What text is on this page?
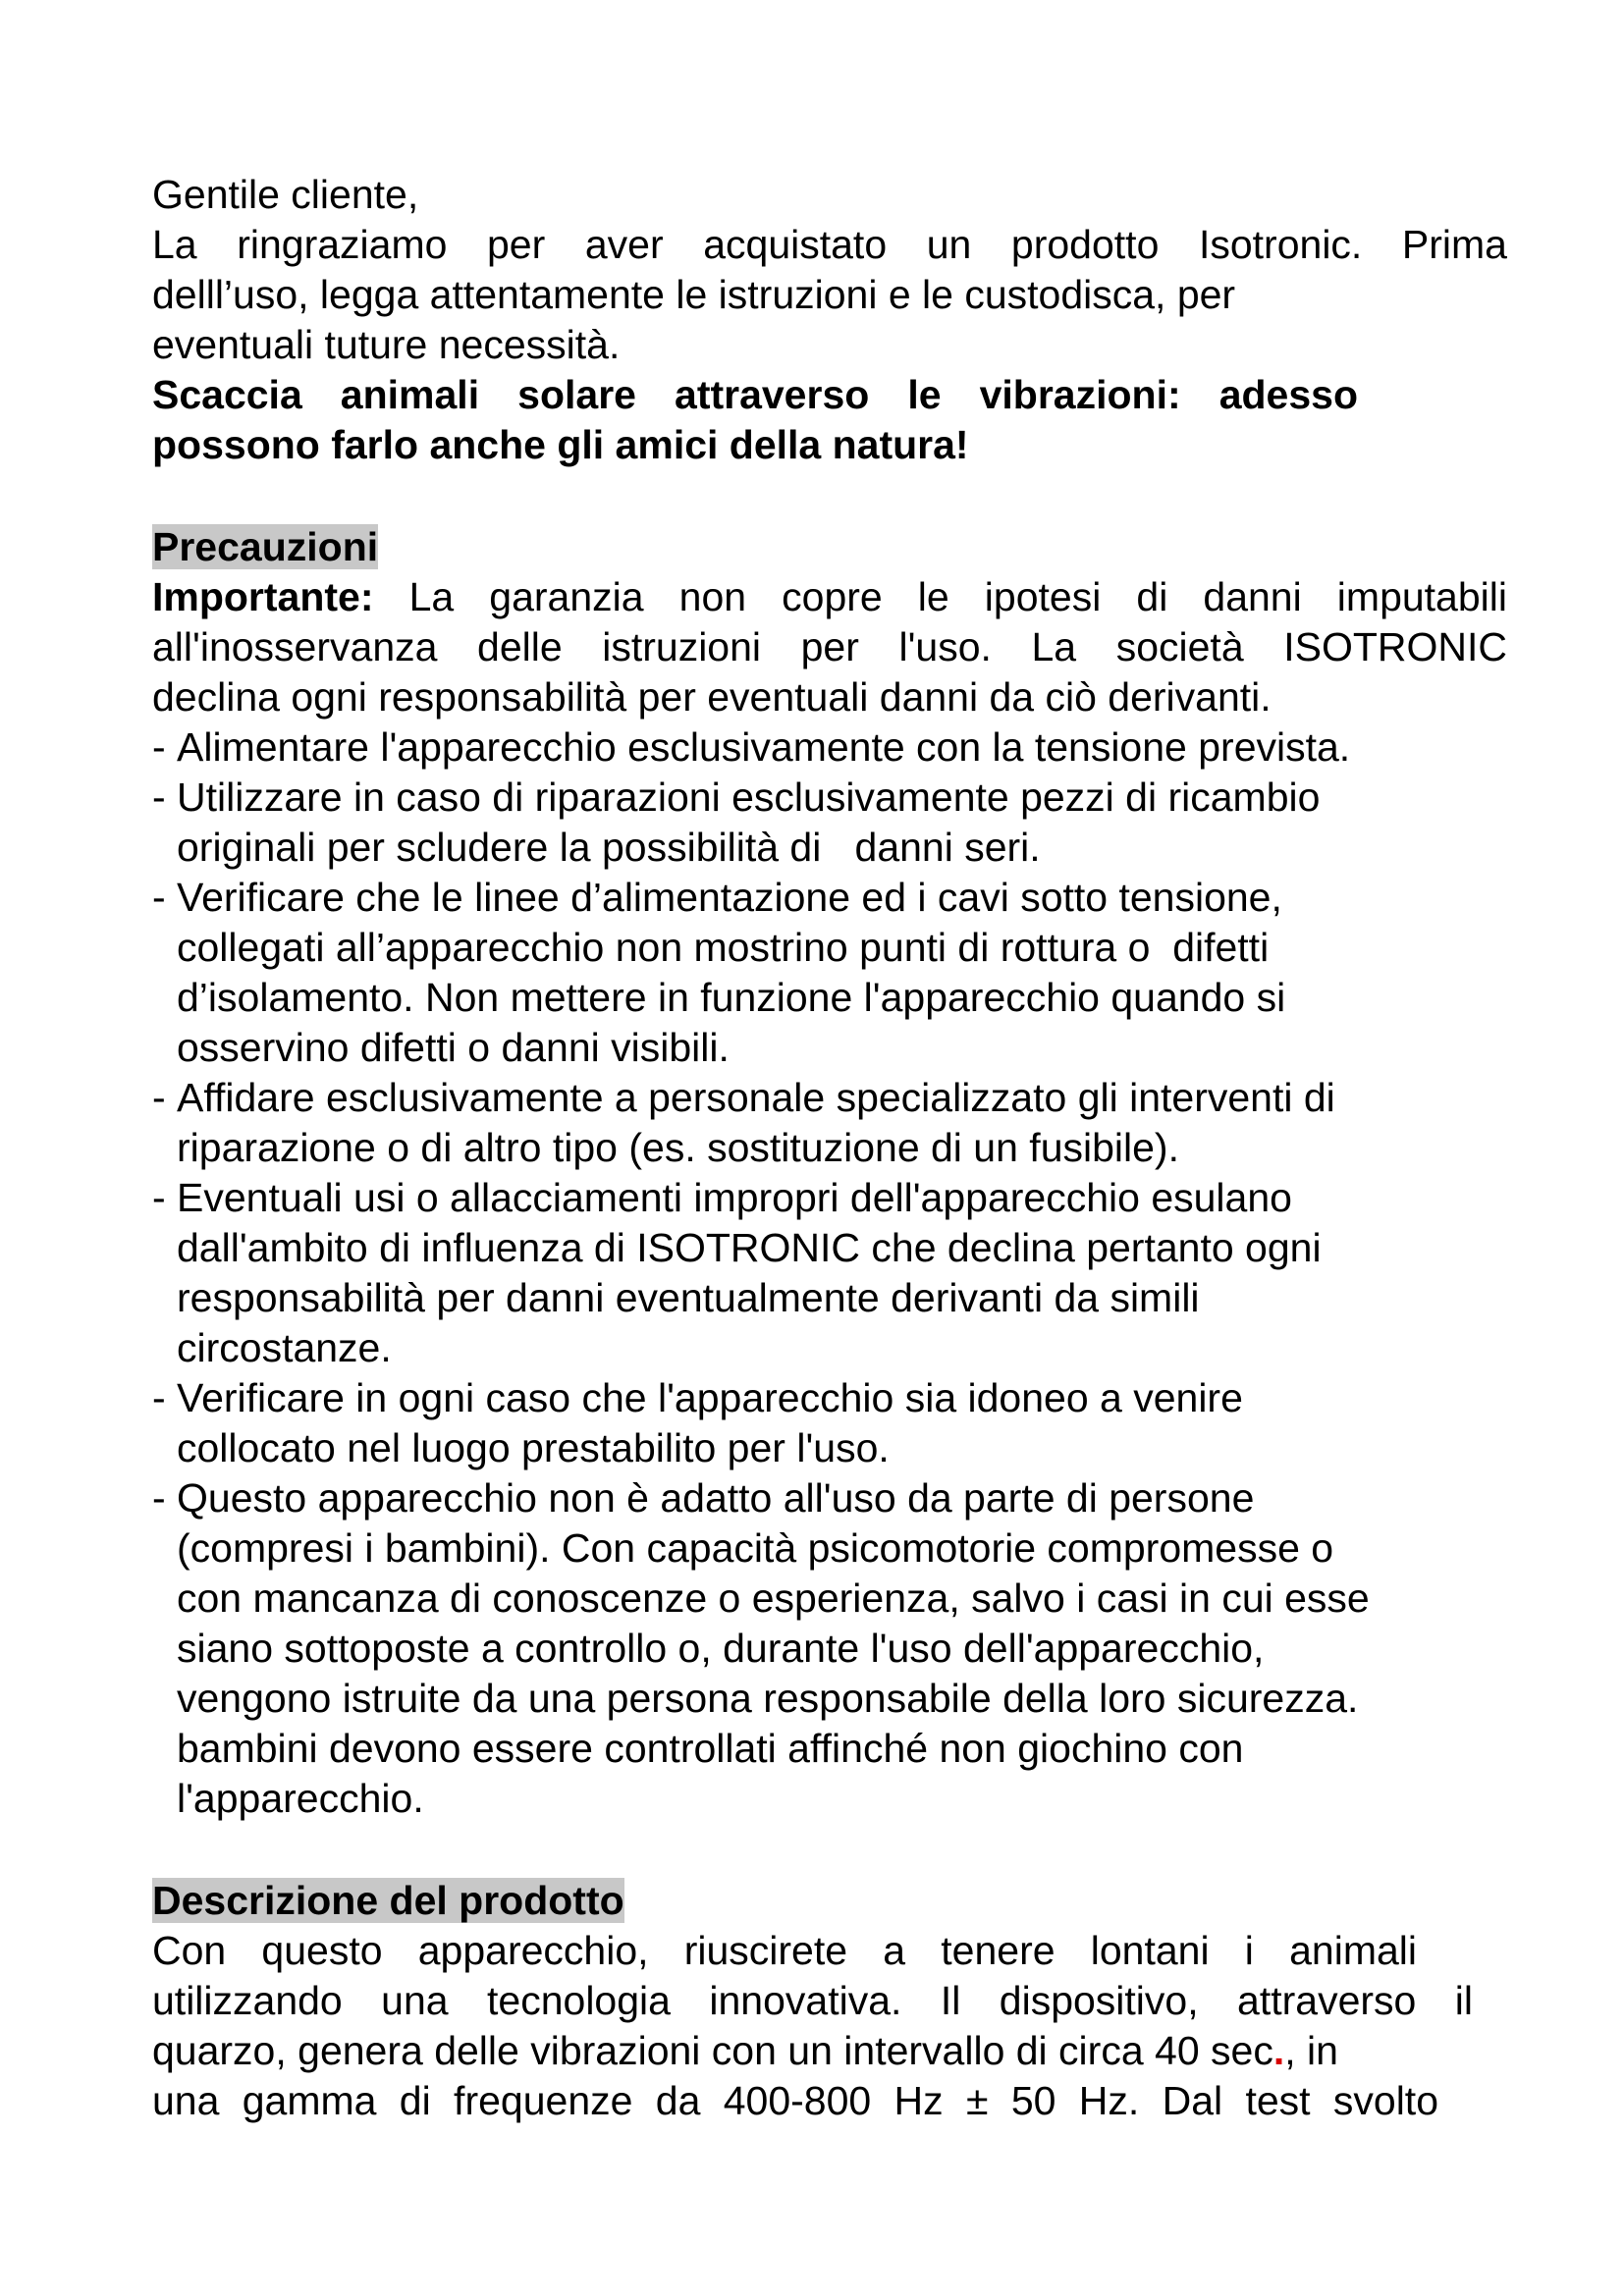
Gentile cliente,
La ringraziamo per aver acquistato un prodotto Isotronic. Prima
delll’uso, legga attentamente le istruzioni e le custodisca, per
eventuali tuture necessità.
Scaccia animali solare attraverso le vibrazioni: adesso
possono farlo anche gli amici della natura!
Precauzioni
Importante: La garanzia non copre le ipotesi di danni imputabili
all'inosservanza delle istruzioni per l'uso. La società ISOTRONIC
declina ogni responsabilità per eventuali danni da ciò derivanti.
- Alimentare l'apparecchio esclusivamente con la tensione prevista.
- Utilizzare in caso di riparazioni esclusivamente pezzi di ricambio
originali per scludere la possibilità di   danni seri.
- Verificare che le linee d’alimentazione ed i cavi sotto tensione,
collegati all’apparecchio non mostrino punti di rottura o  difetti
d’isolamento. Non mettere in funzione l'apparecchio quando si
osservino difetti o danni visibili.
- Affidare esclusivamente a personale specializzato gli interventi di
riparazione o di altro tipo (es. sostituzione di un fusibile).
- Eventuali usi o allacciamenti impropri dell'apparecchio esulano
dall'ambito di influenza di ISOTRONIC che declina pertanto ogni
responsabilità per danni eventualmente derivanti da simili
circostanze.
- Verificare in ogni caso che l'apparecchio sia idoneo a venire
collocato nel luogo prestabilito per l'uso.
- Questo apparecchio non è adatto all'uso da parte di persone
(compresi i bambini). Con capacità psicomotorie compromesse o
con mancanza di conoscenze o esperienza, salvo i casi in cui esse
siano sottoposte a controllo o, durante l'uso dell'apparecchio,
vengono istruite da una persona responsabile della loro sicurezza.
bambini devono essere controllati affinché non giochino con
l'apparecchio.
Descrizione del prodotto
Con questo apparecchio, riuscirete a tenere lontani i animali
utilizzando una tecnologia innovativa. Il dispositivo, attraverso il
quarzo, genera delle vibrazioni con un intervallo di circa 40 sec., in
una gamma di frequenze da 400-800 Hz ± 50 Hz. Dal test svolto
